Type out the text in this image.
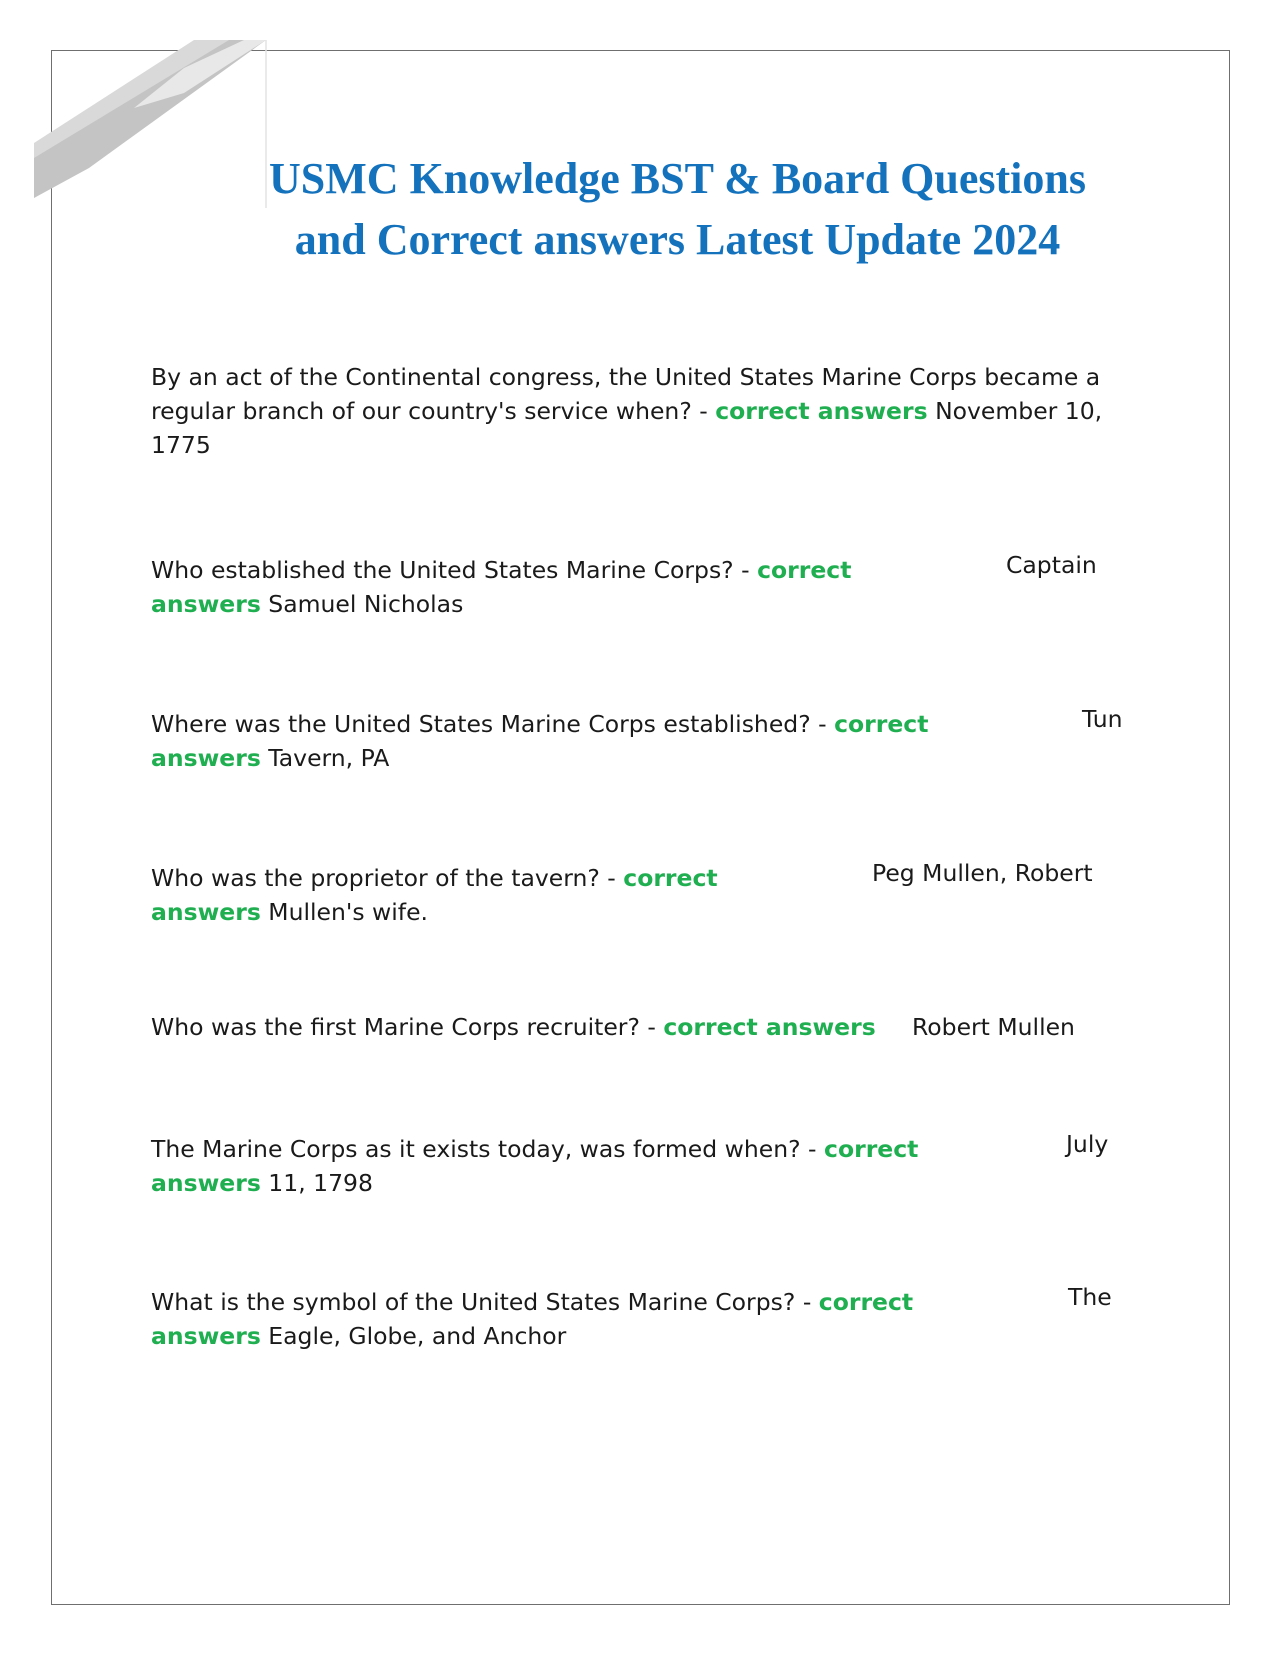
USMC Knowledge BST & Board Questions and Correct answers Latest Update 2024

By an act of the Continental congress, the United States Marine Corps became a regular branch of our country's service when? - correct answers November 10, 1775

Who established the United States Marine Corps? - correct answers Samuel Nicholas

Captain

Where was the United States Marine Corps established? - correct answers Tavern, PA

Tun

Who was the proprietor of the tavern? - correct answers Mullen's wife.

Peg Mullen, Robert

Who was the first Marine Corps recruiter? - correct answers	Robert Mullen

The Marine Corps as it exists today, was formed when? - correct answers 11, 1798

July

What is the symbol of the United States Marine Corps? - correct answers Eagle, Globe, and Anchor

The
